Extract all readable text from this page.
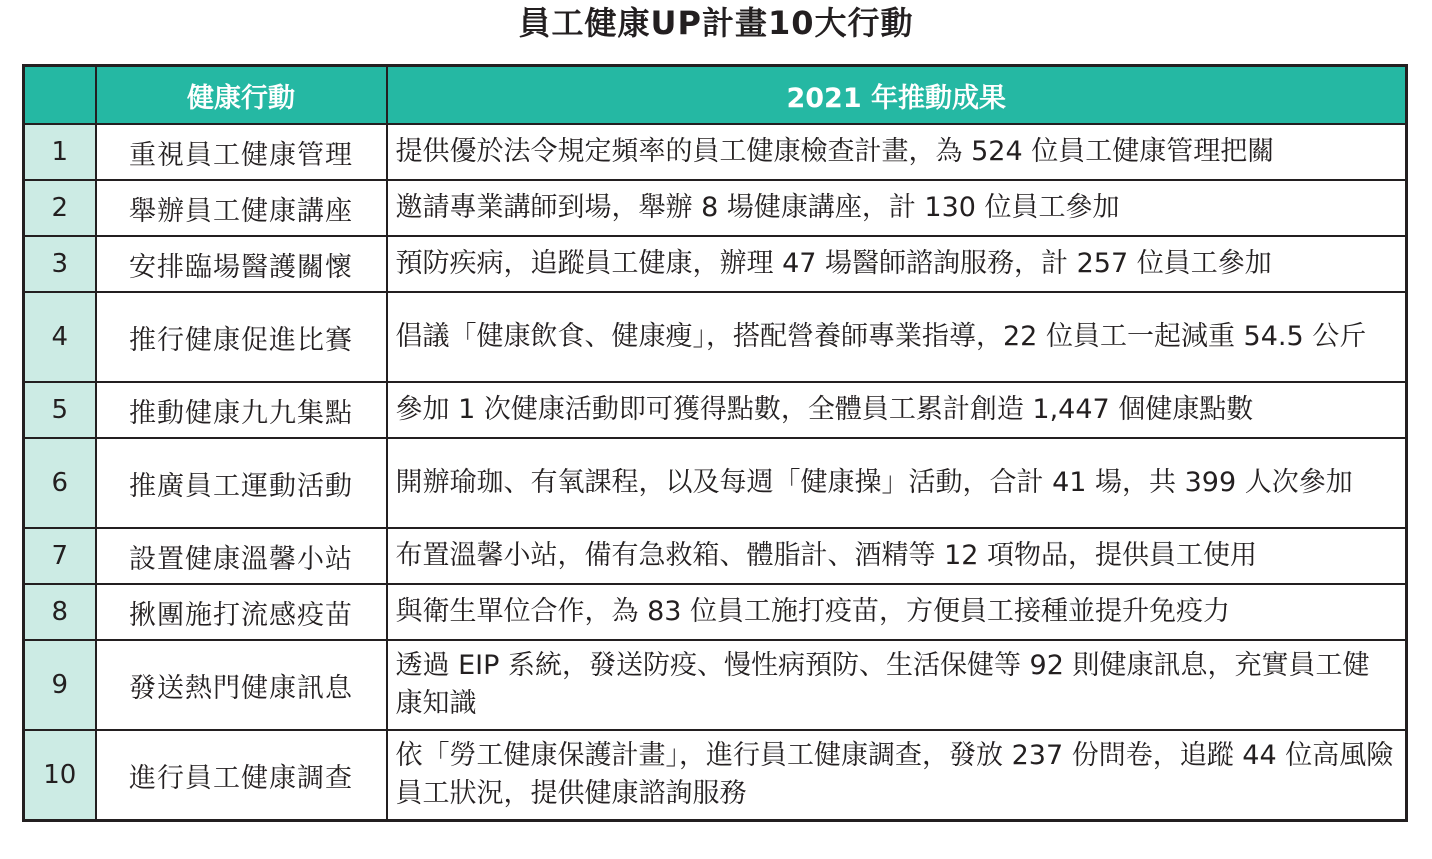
員工健康UP計畫10大行動
	健康行動	2021 年推動成果
1	重視員工健康管理	提供優於法令規定頻率的員工健康檢查計畫，為 524 位員工健康管理把關
2	舉辦員工健康講座	邀請專業講師到場，舉辦 8 場健康講座，計 130 位員工參加
3	安排臨場醫護關懷	預防疾病，追蹤員工健康，辦理 47 場醫師諮詢服務，計 257 位員工參加
4	推行健康促進比賽	倡議「健康飲食、健康瘦」，搭配營養師專業指導，22 位員工一起減重 54.5 公斤
5	推動健康九九集點	參加 1 次健康活動即可獲得點數，全體員工累計創造 1,447 個健康點數
6	推廣員工運動活動	開辦瑜珈、有氧課程，以及每週「健康操」活動，合計 41 場，共 399 人次參加
7	設置健康溫馨小站	布置溫馨小站，備有急救箱、體脂計、酒精等 12 項物品，提供員工使用
8	揪團施打流感疫苗	與衛生單位合作，為 83 位員工施打疫苗，方便員工接種並提升免疫力
9	發送熱門健康訊息	透過 EIP 系統，發送防疫、慢性病預防、生活保健等 92 則健康訊息，充實員工健康知識
10	進行員工健康調查	依「勞工健康保護計畫」，進行員工健康調查，發放 237 份問卷，追蹤 44 位高風險員工狀況，提供健康諮詢服務
